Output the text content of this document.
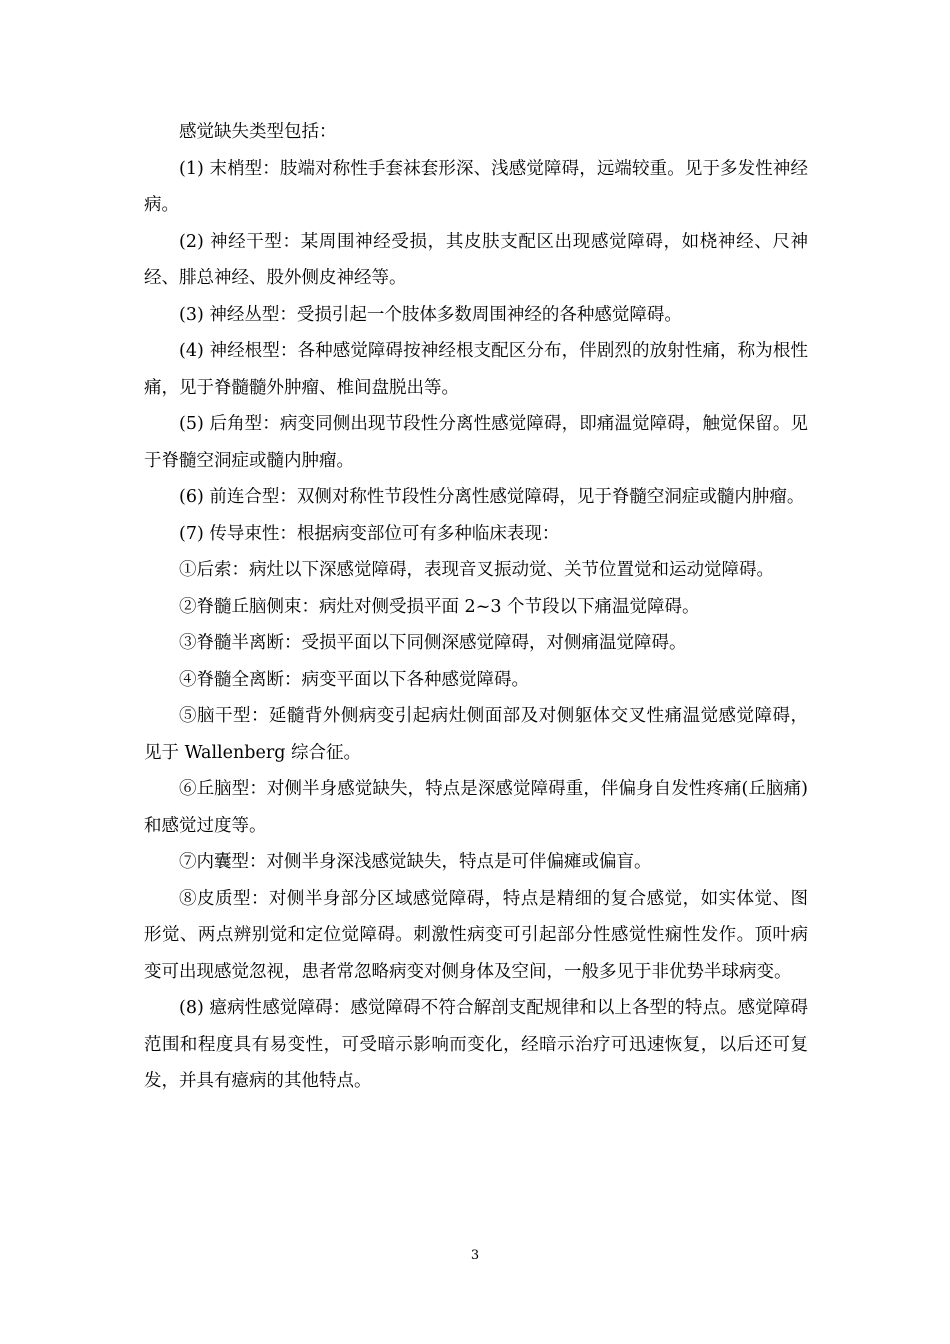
感觉缺失类型包括：

(1) 末梢型：肢端对称性手套袜套形深、浅感觉障碍，远端较重。见于多发性神经病。

(2) 神经干型：某周围神经受损，其皮肤支配区出现感觉障碍，如桡神经、尺神经、腓总神经、股外侧皮神经等。

(3) 神经丛型：受损引起一个肢体多数周围神经的各种感觉障碍。

(4) 神经根型：各种感觉障碍按神经根支配区分布，伴剧烈的放射性痛，称为根性痛，见于脊髓髓外肿瘤、椎间盘脱出等。

(5) 后角型：病变同侧出现节段性分离性感觉障碍，即痛温觉障碍，触觉保留。见于脊髓空洞症或髓内肿瘤。

(6) 前连合型：双侧对称性节段性分离性感觉障碍，见于脊髓空洞症或髓内肿瘤。

(7) 传导束性：根据病变部位可有多种临床表现：

①后索：病灶以下深感觉障碍，表现音叉振动觉、关节位置觉和运动觉障碍。

②脊髓丘脑侧束：病灶对侧受损平面 2~3 个节段以下痛温觉障碍。

③脊髓半离断：受损平面以下同侧深感觉障碍，对侧痛温觉障碍。

④脊髓全离断：病变平面以下各种感觉障碍。

⑤脑干型：延髓背外侧病变引起病灶侧面部及对侧躯体交叉性痛温觉感觉障碍，见于 Wallenberg 综合征。

⑥丘脑型：对侧半身感觉缺失，特点是深感觉障碍重，伴偏身自发性疼痛(丘脑痛)和感觉过度等。

⑦内囊型：对侧半身深浅感觉缺失，特点是可伴偏瘫或偏盲。

⑧皮质型：对侧半身部分区域感觉障碍，特点是精细的复合感觉，如实体觉、图形觉、两点辨别觉和定位觉障碍。刺激性病变可引起部分性感觉性痫性发作。顶叶病变可出现感觉忽视，患者常忽略病变对侧身体及空间，一般多见于非优势半球病变。

(8) 癔病性感觉障碍：感觉障碍不符合解剖支配规律和以上各型的特点。感觉障碍范围和程度具有易变性，可受暗示影响而变化，经暗示治疗可迅速恢复，以后还可复发，并具有癔病的其他特点。

3
